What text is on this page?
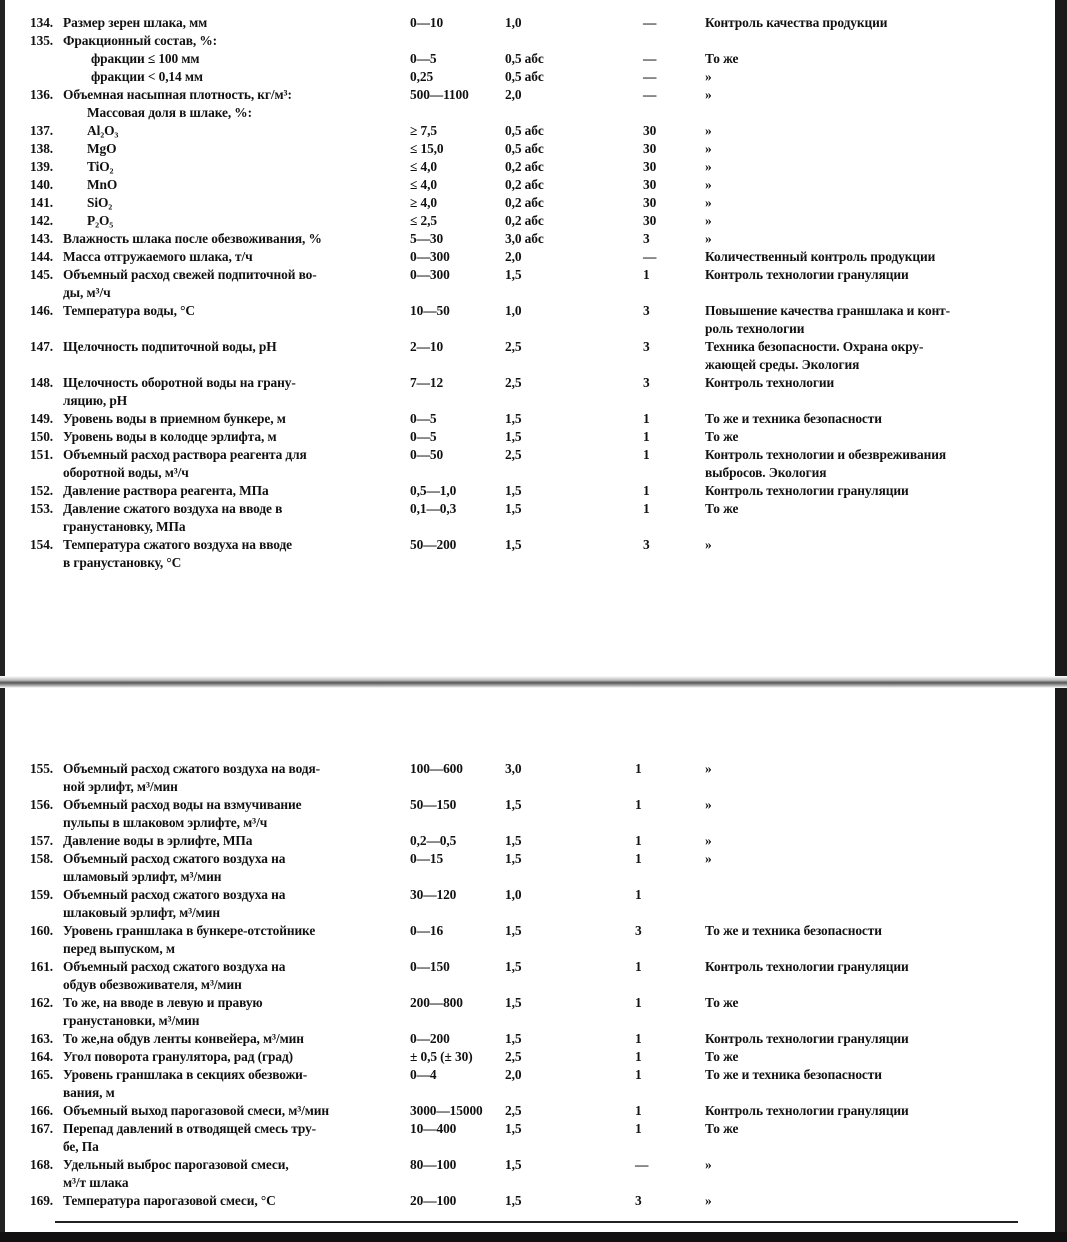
134.	Размер зерен шлака, мм	0—10	1,0	—	Контроль качества продукции
135.	Фракционный состав, %:				
	фракции ≤ 100 мм	0—5	0,5 абс	—	То же
	фракции < 0,14 мм	0,25	0,5 абс	—	»
136.	Объемная насыпная плотность, кг/м³:	500—1100	2,0	—	»
	Массовая доля в шлаке, %:				
137.	Al₂O₃	≥ 7,5	0,5 абс	30	»
138.	MgO	≤ 15,0	0,5 абс	30	»
139.	TiO₂	≤ 4,0	0,2 абс	30	»
140.	MnO	≤ 4,0	0,2 абс	30	»
141.	SiO₂	≥ 4,0	0,2 абс	30	»
142.	P₂O₅	≤ 2,5	0,2 абс	30	»
143.	Влажность шлака после обезвоживания, %	5—30	3,0 абс	3	»
144.	Масса отгружаемого шлака, т/ч	0—300	2,0	—	Количественный контроль продукции
145.	Объемный расход свежей подпиточной во-
ды, м³/ч	0—300	1,5	1	Контроль технологии грануляции
146.	Температура воды, °С	10—50	1,0	3	Повышение качества граншлака и конт-
роль технологии
147.	Щелочность подпиточной воды, рН	2—10	2,5	3	Техника безопасности. Охрана окру-
жающей среды. Экология
148.	Щелочность оборотной воды на грану-
ляцию, рН	7—12	2,5	3	Контроль технологии
149.	Уровень воды в приемном бункере, м	0—5	1,5	1	То же и техника безопасности
150.	Уровень воды в колодце эрлифта, м	0—5	1,5	1	То же
151.	Объемный расход раствора реагента для
оборотной воды, м³/ч	0—50	2,5	1	Контроль технологии и обезвреживания
выбросов. Экология
152.	Давление раствора реагента, МПа	0,5—1,0	1,5	1	Контроль технологии грануляции
153.	Давление сжатого воздуха на вводе в
гранустановку, МПа	0,1—0,3	1,5	1	То же
154.	Температура сжатого воздуха на вводе
в гранустановку, °С	50—200	1,5	3	»
155.	Объемный расход сжатого воздуха на водя-
ной эрлифт, м³/мин	100—600	3,0	1	»
156.	Объемный расход воды на взмучивание
пульпы в шлаковом эрлифте, м³/ч	50—150	1,5	1	»
157.	Давление воды в эрлифте, МПа	0,2—0,5	1,5	1	»
158.	Объемный расход сжатого воздуха на
шламовый эрлифт, м³/мин	0—15	1,5	1	»
159.	Объемный расход сжатого воздуха на
шлаковый эрлифт, м³/мин	30—120	1,0	1	
160.	Уровень граншлака в бункере-отстойнике
перед выпуском, м	0—16	1,5	3	То же и техника безопасности
161.	Объемный расход сжатого воздуха на
обдув обезвоживателя, м³/мин	0—150	1,5	1	Контроль технологии грануляции
162.	То же, на вводе в левую и правую
гранустановки, м³/мин	200—800	1,5	1	То же
163.	То же,на обдув ленты конвейера, м³/мин	0—200	1,5	1	Контроль технологии грануляции
164.	Угол поворота гранулятора, рад (град)	± 0,5 (± 30)	2,5	1	То же
165.	Уровень граншлака в секциях обезвожи-
вания, м	0—4	2,0	1	То же и техника безопасности
166.	Объемный выход парогазовой смеси, м³/мин	3000—15000	2,5	1	Контроль технологии грануляции
167.	Перепад давлений в отводящей смесь тру-
бе, Па	10—400	1,5	1	То же
168.	Удельный выброс парогазовой смеси,
м³/т шлака	80—100	1,5	—	»
169.	Температура парогазовой смеси, °С	20—100	1,5	3	»
